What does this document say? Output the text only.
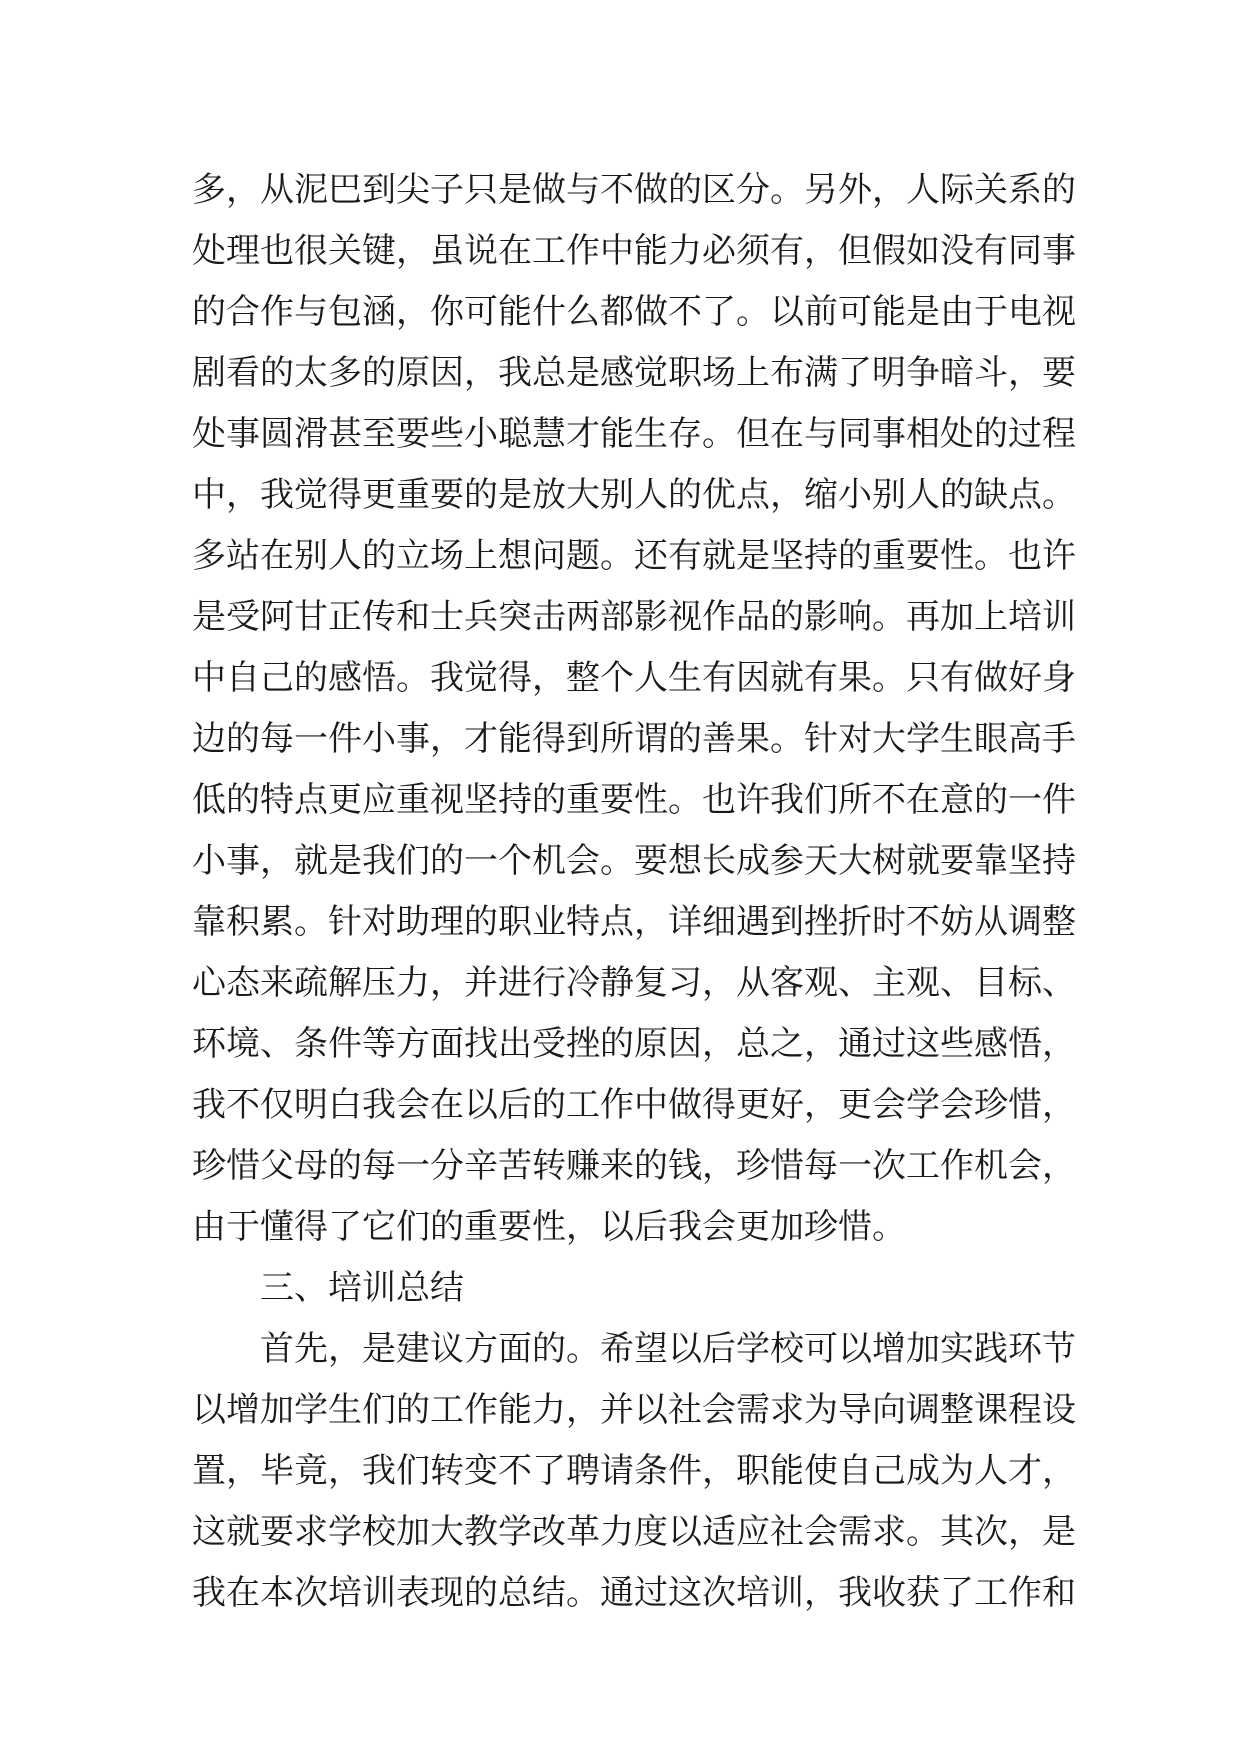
多，从泥巴到尖子只是做与不做的区分。另外，人际关系的
处理也很关键，虽说在工作中能力必须有，但假如没有同事
的合作与包涵，你可能什么都做不了。以前可能是由于电视
剧看的太多的原因，我总是感觉职场上布满了明争暗斗，要
处事圆滑甚至要些小聪慧才能生存。但在与同事相处的过程
中，我觉得更重要的是放大别人的优点，缩小别人的缺点。
多站在别人的立场上想问题。还有就是坚持的重要性。也许
是受阿甘正传和士兵突击两部影视作品的影响。再加上培训
中自己的感悟。我觉得，整个人生有因就有果。只有做好身
边的每一件小事，才能得到所谓的善果。针对大学生眼高手
低的特点更应重视坚持的重要性。也许我们所不在意的一件
小事，就是我们的一个机会。要想长成参天大树就要靠坚持
靠积累。针对助理的职业特点，详细遇到挫折时不妨从调整
心态来疏解压力，并进行冷静复习，从客观、主观、目标、
环境、条件等方面找出受挫的原因，总之，通过这些感悟，
我不仅明白我会在以后的工作中做得更好，更会学会珍惜，
珍惜父母的每一分辛苦转赚来的钱，珍惜每一次工作机会，
由于懂得了它们的重要性，以后我会更加珍惜。
三、培训总结
首先，是建议方面的。希望以后学校可以增加实践环节
以增加学生们的工作能力，并以社会需求为导向调整课程设
置，毕竟，我们转变不了聘请条件，职能使自己成为人才，
这就要求学校加大教学改革力度以适应社会需求。其次，是
我在本次培训表现的总结。通过这次培训，我收获了工作和
